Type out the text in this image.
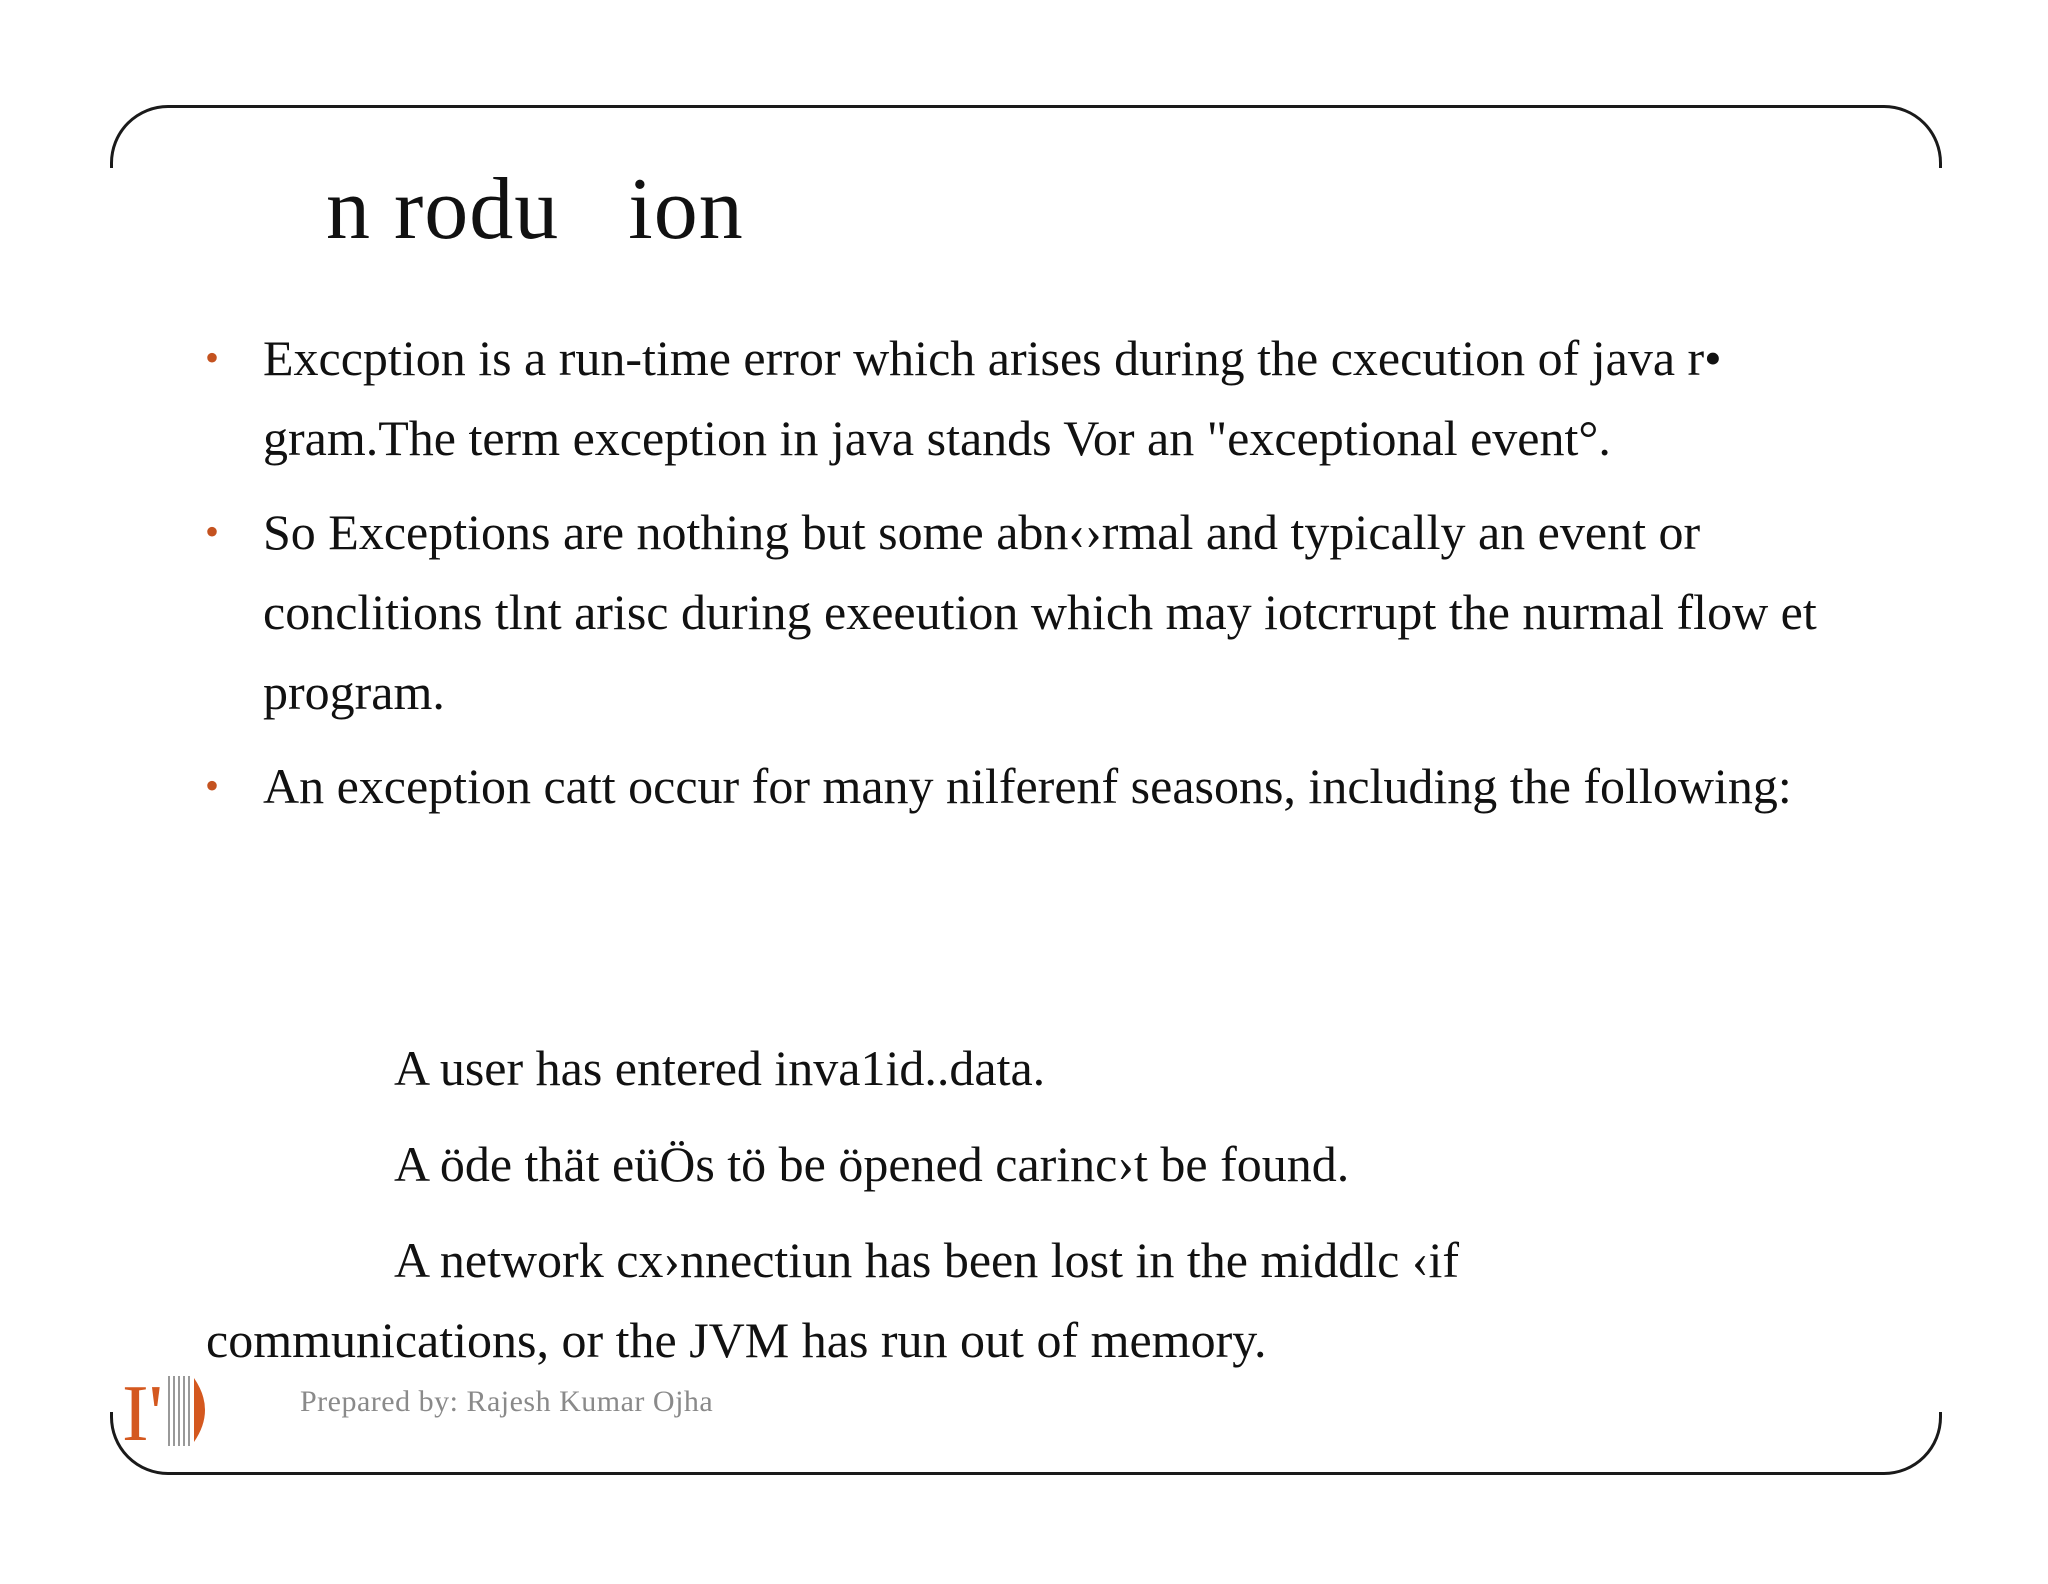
n rodu   ion
• Exccption is a run-time error which arises during the cxecution of java r• gram.The term exception in java stands Vor an "exceptional event°.
• So Exceptions are nothing but some abn‹›rmal and typically an event or conclitions tlnt arisc during exeeution which may iotcrrupt the nurmal flow et program.
• An exception catt occur for many nilferenf seasons, including the following:
A user has entered inva1id..data.
A öde thät eüÖs tö be öpened carinc›t be found.
A network cx›nnectiun has been lost in the middlc ‹if
communications, or the JVM has run out of memory.
I'	Prepared by: Rajesh Kumar Ojha
